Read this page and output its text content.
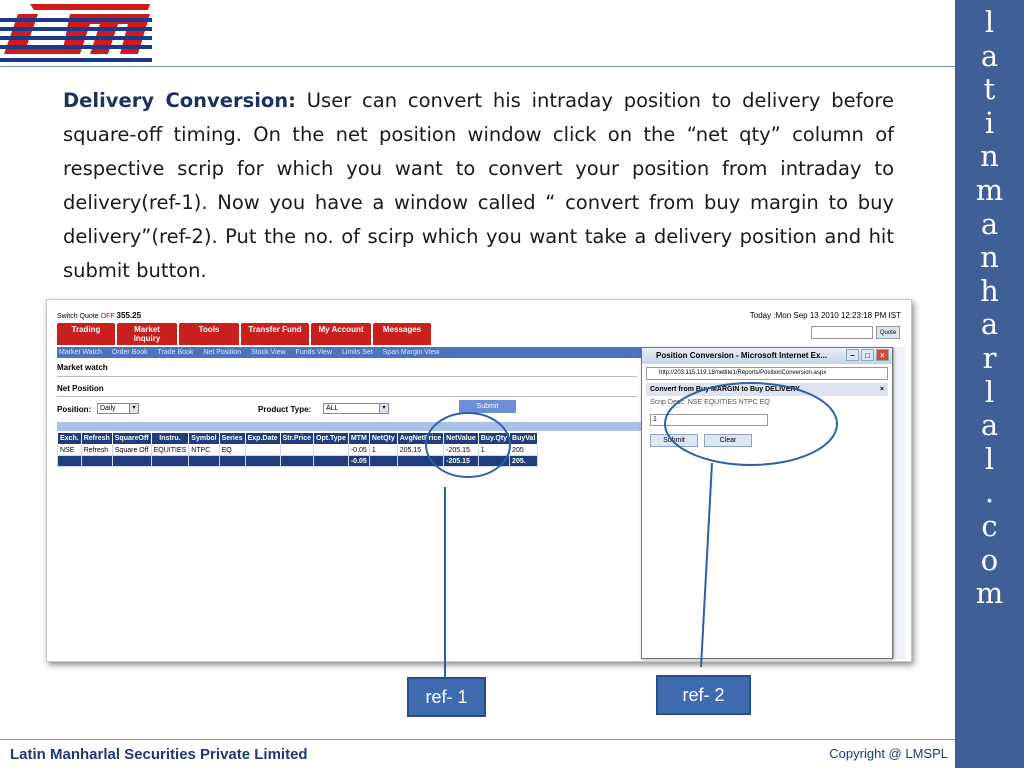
l
a
t
i
n
m
a
n
h
a
r
l
a
l
.
c
o
m

Delivery Conversion: User can convert his intraday position to delivery before square-off timing. On the net position window click on the “net qty” column of respective scrip for which you want to convert your position from intraday to delivery(ref-1). Now you have a window called “ convert from buy margin to buy delivery”(ref-2). Put the no. of scirp which you want take a delivery position and hit submit button.

Switch Quote OFF 355.25	Today :Mon Sep 13 2010 12:23:18 PM IST
Trading	Market Inquiry
Tools	Transfer Fund	My Account	Messages	Quote
Market Watch Order Book Trade Book Net Position Stock View Funds View Limits Set Span Margin View
Market watch
Net Position
Position:	Daily	▾	Product Type:	ALL	▾	Submit
Exch.	Refresh	SquareOff	Instru.	Symbol	Series	Exp.Date	Str.Price	Opt.Type	MTM	NetQty	AvgNetPrice	NetValue	Buy.Qty	BuyVal
NSE	Refresh	Square Off	EQUITIES	NTPC	EQ				-0.05	1	205.15	-205.15	1	205
									-0.05			-205.15		205.
Position Conversion - Microsoft Internet Ex...	–	□	×
http://203.115.119.18/netlite1/Reports/PositionConversion.aspx
Convert from Buy MARGIN to Buy DELIVERY	×
Scrip Desc: NSE EQUITIES NTPC EQ
1
Submit	Clear
ref- 1	ref- 2
Latin Manharlal Securities Private Limited	Copyright @ LMSPL
